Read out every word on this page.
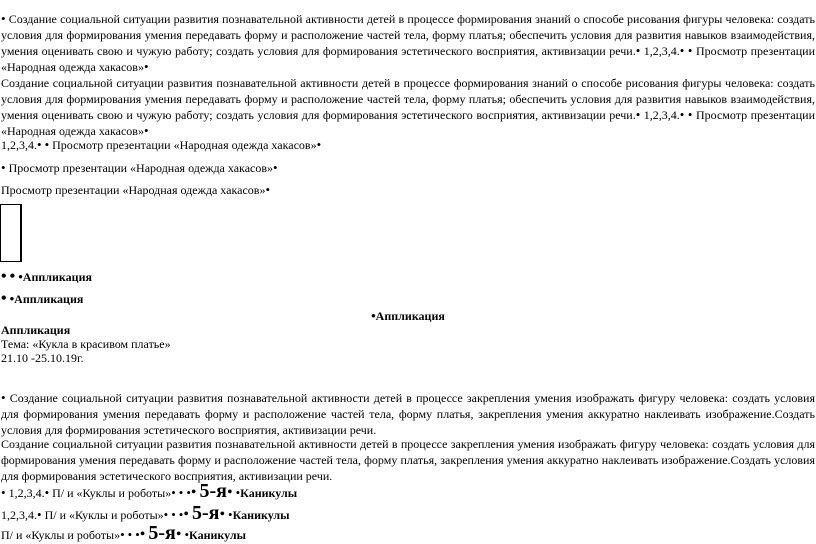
• Создание социальной ситуации развития познавательной активности детей в процессе формирования знаний о способе рисования фигуры человека: создать условия для формирования умения передавать форму и расположение частей тела, форму платья; обеспечить условия для развития навыков взаимодействия, умения оценивать свою и чужую работу; создать условия для формирования эстетического восприятия, активизации речи.• 1,2,3,4.• • Просмотр презентации «Народная одежда хакасов»•
Создание социальной ситуации развития познавательной активности детей в процессе формирования знаний о способе рисования фигуры человека: создать условия для формирования умения передавать форму и расположение частей тела, форму платья; обеспечить условия для развития навыков взаимодействия, умения оценивать свою и чужую работу; создать условия для формирования эстетического восприятия, активизации речи.• 1,2,3,4.• • Просмотр презентации «Народная одежда хакасов»•
1,2,3,4.• • Просмотр презентации «Народная одежда хакасов»•
• Просмотр презентации «Народная одежда хакасов»•
Просмотр презентации «Народная одежда хакасов»•
• • •Аппликация
• •Аппликация
•Аппликация
Аппликация
Тема: «Кукла в красивом платье»
21.10 -25.10.19г.
• Создание социальной ситуации развития познавательной активности детей в процессе закрепления умения изображать фигуру человека: создать условия для формирования умения передавать форму и расположение частей тела, форму платья, закрепления умения аккуратно наклеивать изображение.Создать условия для формирования эстетического восприятия, активизации речи.
Создание социальной ситуации развития познавательной активности детей в процессе закрепления умения изображать фигуру человека: создать условия для формирования умения передавать форму и расположение частей тела, форму платья, закрепления умения аккуратно наклеивать изображение.Создать условия для формирования эстетического восприятия, активизации речи.
• 1,2,3,4.• П/ и «Куклы и роботы»• • •• 5-я• •Каникулы
1,2,3,4.• П/ и «Куклы и роботы»• • •• 5-я• •Каникулы
П/ и «Куклы и роботы»• • •• 5-я• •Каникулы
